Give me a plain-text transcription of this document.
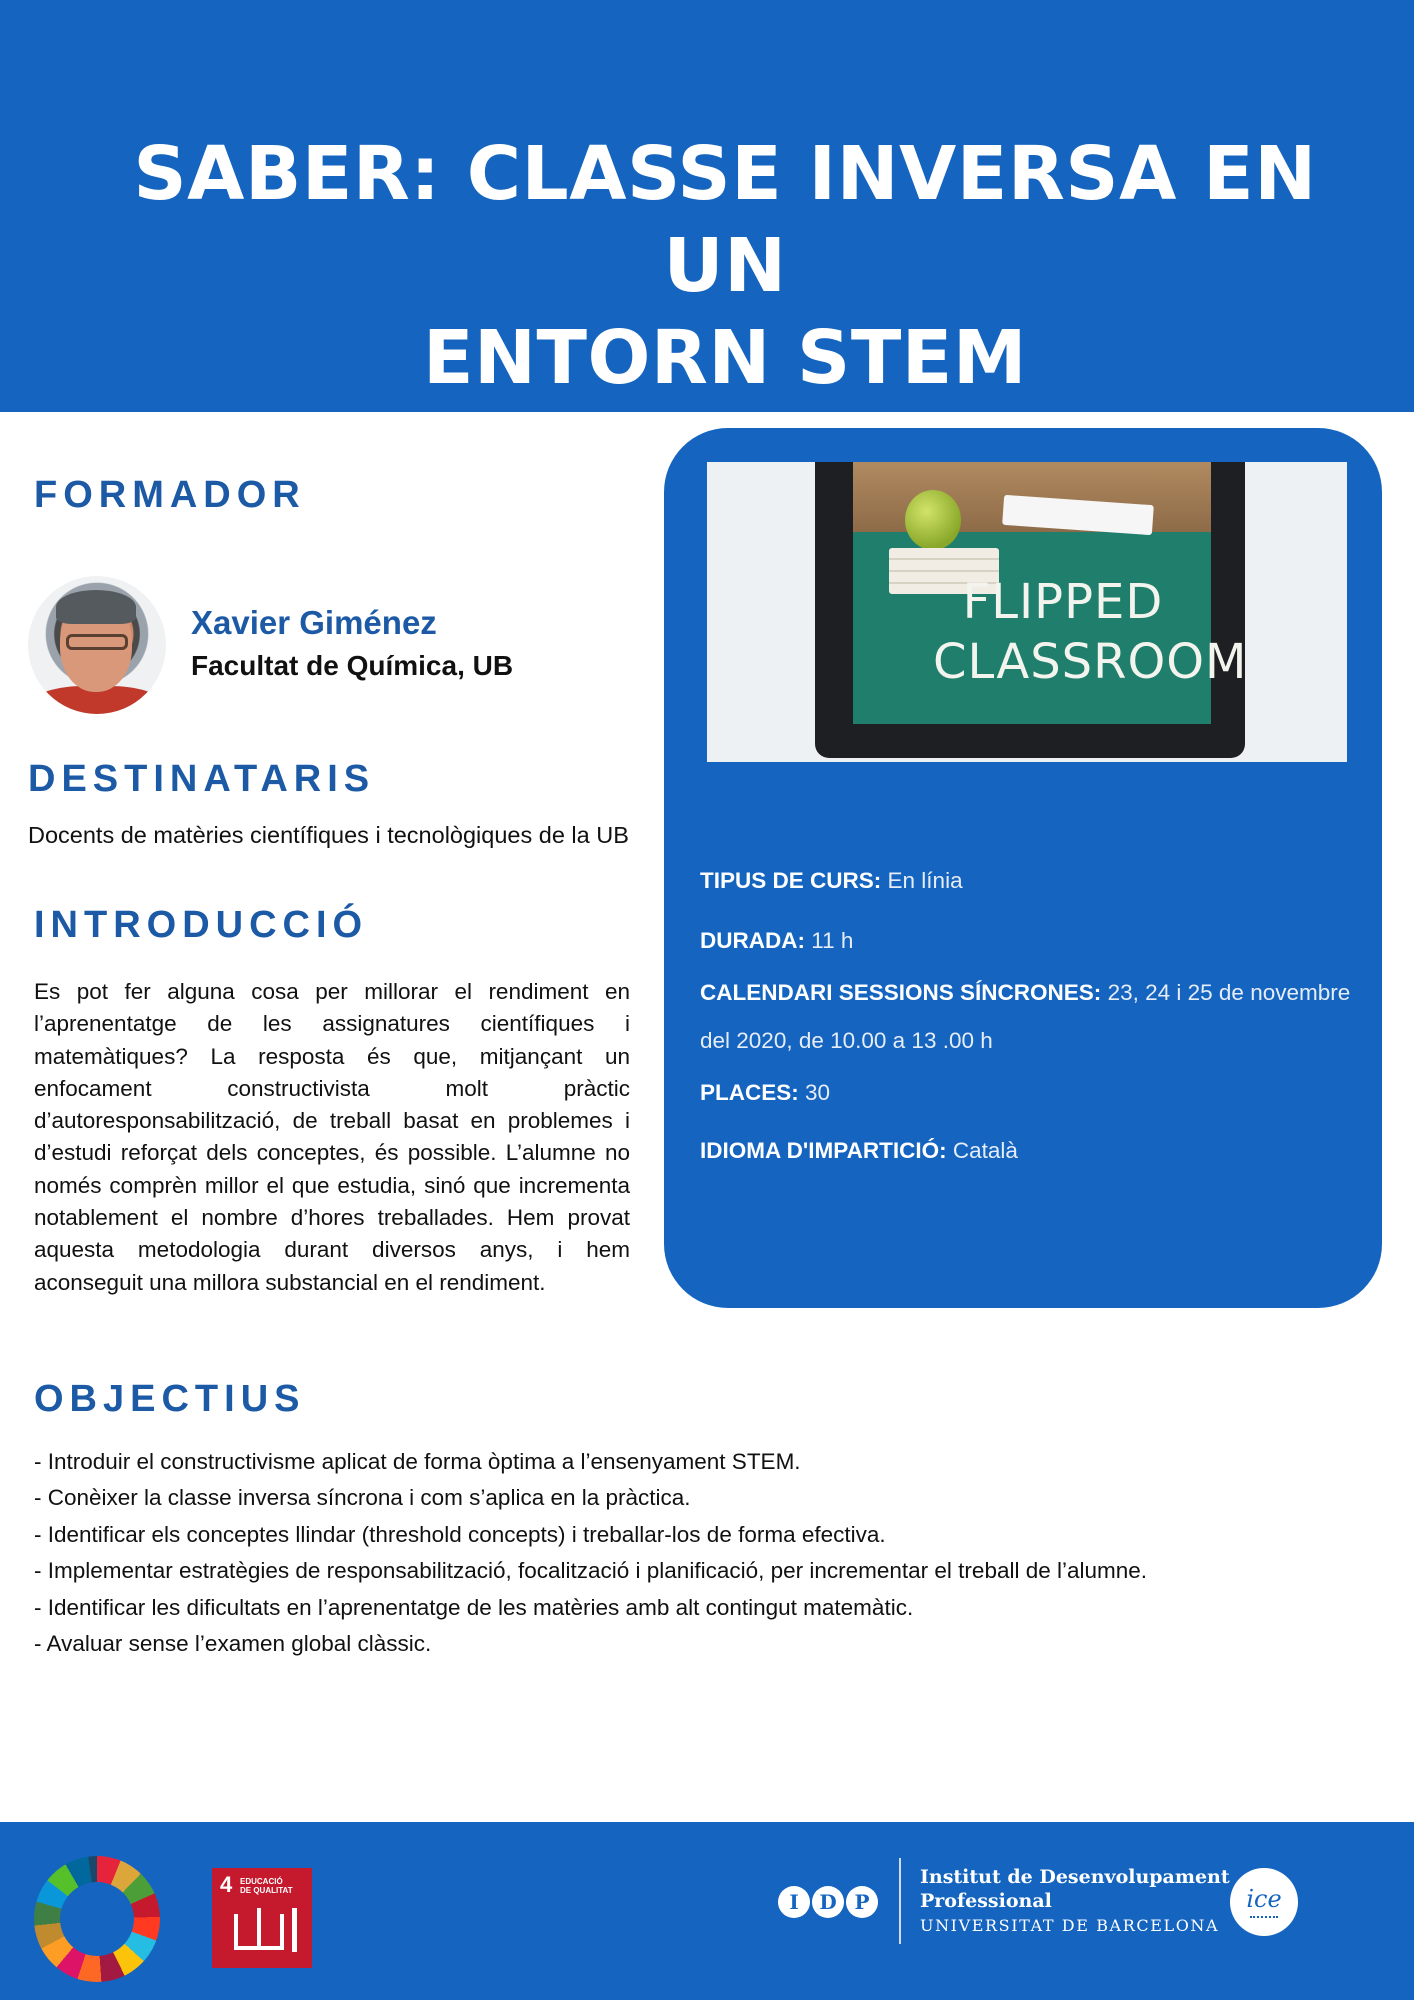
SABER: CLASSE INVERSA EN UN
ENTORN STEM
FORMADOR
Xavier Giménez
Facultat de Química, UB
DESTINATARIS
Docents de matèries científiques i tecnològiques de la UB
INTRODUCCIÓ
Es pot fer alguna cosa per millorar el rendiment en l’aprenentatge de les assignatures científiques i matemàtiques? La resposta és que, mitjançant un enfocament constructivista molt pràctic d’autoresponsabilització, de treball basat en problemes i d’estudi reforçat dels conceptes, és possible. L’alumne no només comprèn millor el que estudia, sinó que incrementa notablement el nombre d’hores treballades. Hem provat aquesta metodologia durant diversos anys, i hem aconseguit una millora substancial en el rendiment.
FLIPPED
CLASSROOM
TIPUS DE CURS: En línia
DURADA: 11 h
CALENDARI SESSIONS SÍNCRONES: 23, 24 i 25 de novembre
del 2020, de 10.00 a 13 .00 h
PLACES: 30
IDIOMA D'IMPARTICIÓ: Català
OBJECTIUS
- Introduir el constructivisme aplicat de forma òptima a l’ensenyament STEM.
- Conèixer la classe inversa síncrona i com s’aplica en la pràctica.
- Identificar els conceptes llindar (threshold concepts) i treballar-los de forma efectiva.
- Implementar estratègies de responsabilització, focalització i planificació, per incrementar el treball de l’alumne.
- Identificar les dificultats en l’aprenentatge de les matèries amb alt contingut matemàtic.
- Avaluar sense l’examen global clàssic.
4 EDUCACIÓ
DE QUALITAT	I	D P
Institut de Desenvolupament
Professional
UNIVERSITAT DE BARCELONA
ice
